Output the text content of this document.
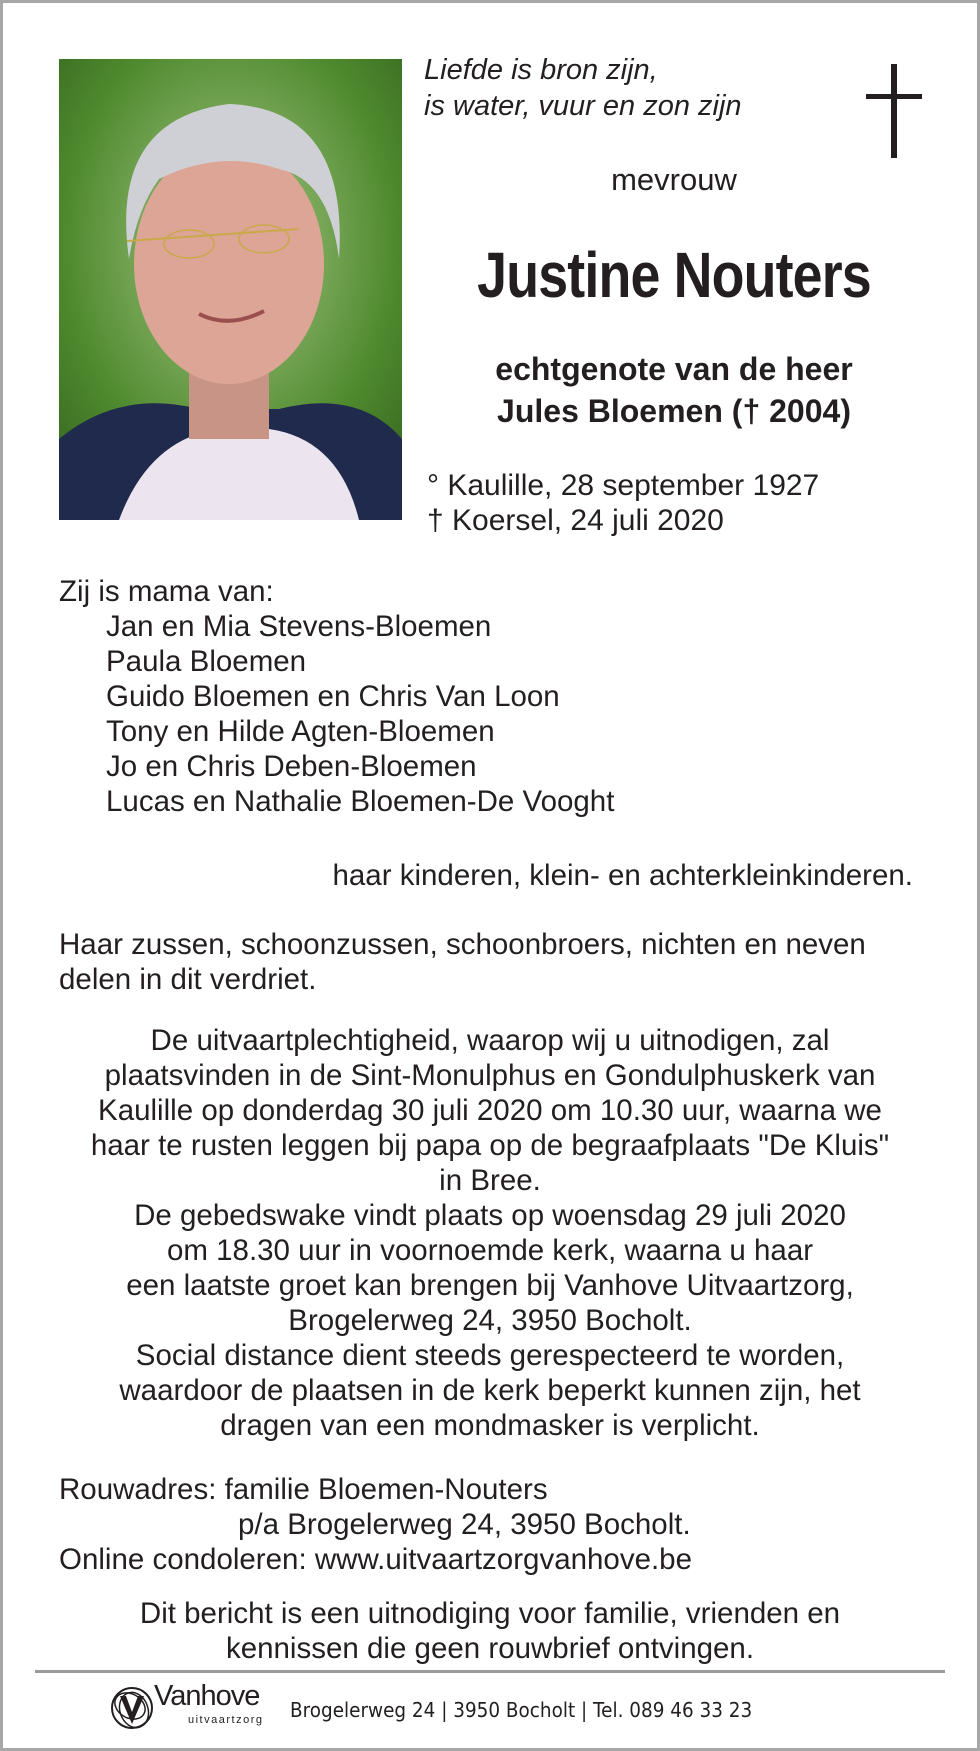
Liefde is bron zijn,
is water, vuur en zon zijn
mevrouw
Justine Nouters
echtgenote van de heer
Jules Bloemen († 2004)
° Kaulille, 28 september 1927
† Koersel, 24 juli 2020
Zij is mama van:
Jan en Mia Stevens-Bloemen
Paula Bloemen
Guido Bloemen en Chris Van Loon
Tony en Hilde Agten-Bloemen
Jo en Chris Deben-Bloemen
Lucas en Nathalie Bloemen-De Vooght
haar kinderen, klein- en achterkleinkinderen.
Haar zussen, schoonzussen, schoonbroers, nichten en neven
delen in dit verdriet.
De uitvaartplechtigheid, waarop wij u uitnodigen, zal
plaatsvinden in de Sint-Monulphus en Gondulphuskerk van
Kaulille op donderdag 30 juli 2020 om 10.30 uur, waarna we
haar te rusten leggen bij papa op de begraafplaats "De Kluis"
in Bree.
De gebedswake vindt plaats op woensdag 29 juli 2020
om 18.30 uur in voornoemde kerk, waarna u haar
een laatste groet kan brengen bij Vanhove Uitvaartzorg,
Brogelerweg 24, 3950 Bocholt.
Social distance dient steeds gerespecteerd te worden,
waardoor de plaatsen in de kerk beperkt kunnen zijn, het
dragen van een mondmasker is verplicht.
Rouwadres: familie Bloemen-Nouters
p/a Brogelerweg 24, 3950 Bocholt.
Online condoleren: www.uitvaartzorgvanhove.be
Dit bericht is een uitnodiging voor familie, vrienden en
kennissen die geen rouwbrief ontvingen.
Vanhove
uitvaartzorg Brogelerweg 24 | 3950 Bocholt | Tel. 089 46 33 23
